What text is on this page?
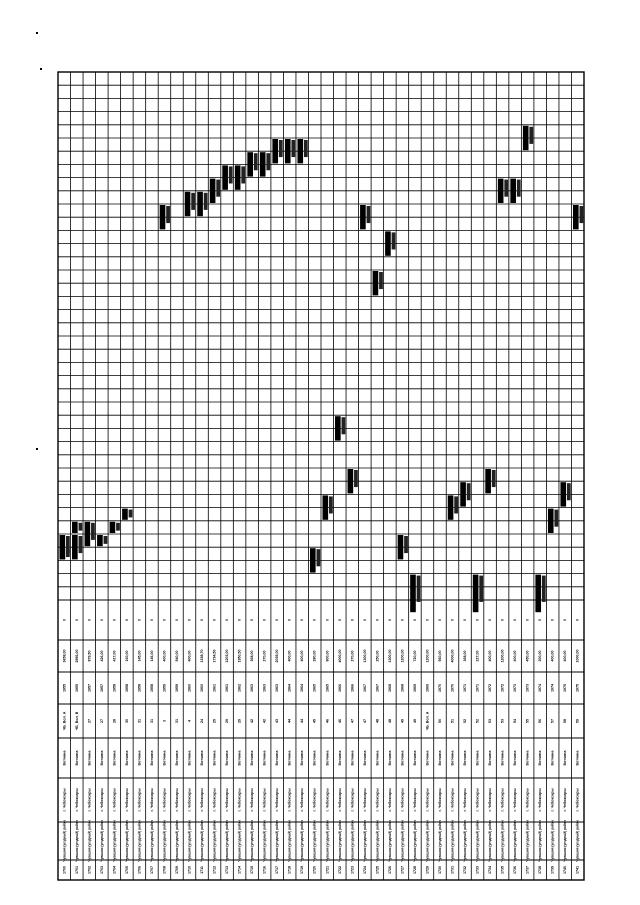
0
3658,00
1955
ЧБ_Вол_А
Вотчина
г. Чебоксары
Чувашия (уездный) район
1700
0
2956,00
1955
ЧБ_Вол_В
Вотчина
г. Чебоксары
Чувашия (уездный) район
1701
0
879,50
1957
27
Вотчина
г. Чебоксары
Чувашия (уездный) район
1702
0
426,00
1957
27
Вотчина
г. Чебоксары
Чувашия (уездный) район
1703
0
417,00
1958
28
Вотчина
г. Чебоксары
Чувашия (уездный) район
1704
0
160,00
1958
30
Вотчина
г. Чебоксары
Чувашия (уездный) район
1705
0
145,00
1958
31
Вотчина
г. Чебоксары
Чувашия (уездный) район
1706
0
146,00
1958
31
Вотчина
г. Чебоксары
Чувашия (уездный) район
1707
0
400,00
1959
3
Вотчина
г. Чебоксары
Чувашия (уездный) район
1708
0
540,00
1959
31
Вотчина
г. Чебоксары
Чувашия (уездный) район
1709
0
400,00
1960
4
Вотчина
г. Чебоксары
Чувашия (уездный) район
1710
0
1338,70
1960
24
Вотчина
г. Чебоксары
Чувашия (уездный) район
1711
0
1734,50
1961
25
Вотчина
г. Чебоксары
Чувашия (уездный) район
1712
0
1203,00
1961
29
Вотчина
г. Чебоксары
Чувашия (уездный) район
1713
0
1950,50
1962
29
Вотчина
г. Чебоксары
Чувашия (уездный) район
1714
0
368,00
1963
42
Вотчина
г. Чебоксары
Чувашия (уездный) район
1715
0
270,00
1963
42
Вотчина
г. Чебоксары
Чувашия (уездный) район
1716
0
2035,00
1963
43
Вотчина
г. Чебоксары
Чувашия (уездный) район
1717
0
400,00
1964
44
Вотчина
г. Чебоксары
Чувашия (уездный) район
1718
0
400,00
1964
44
Вотчина
г. Чебоксары
Чувашия (уездный) район
1719
0
280,00
1965
45
Вотчина
г. Чебоксары
Чувашия (уездный) район
1720
0
800,00
1965
46
Вотчина
г. Чебоксары
Чувашия (уездный) район
1721
0
4000,00
1966
46
Вотчина
г. Чебоксары
Чувашия (уездный) район
1722
0
270,00
1966
47
Вотчина
г. Чебоксары
Чувашия (уездный) район
1723
0
1300,00
1967
47
Вотчина
г. Чебоксары
Чувашия (уездный) район
1724
0
250,00
1967
48
Вотчина
г. Чебоксары
Чувашия (уездный) район
1725
0
1300,00
1968
48
Вотчина
г. Чебоксары
Чувашия (уездный) район
1726
0
1200,00
1968
49
Вотчина
г. Чебоксары
Чувашия (уездный) район
1727
0
720,00
1969
49
Вотчина
г. Чебоксары
Чувашия (уездный) район
1728
0
1200,00
1969
ЧБ_Вол_А
Вотчина
г. Чебоксары
Чувашия (уездный) район
1729
0
560,00
1970
50
Вотчина
г. Чебоксары
Чувашия (уездный) район
1730
0
4000,00
1970
51
Вотчина
г. Чебоксары
Чувашия (уездный) район
1731
0
368,00
1971
52
Вотчина
г. Чебоксары
Чувашия (уездный) район
1732
0
227,00
1971
52
Вотчина
г. Чебоксары
Чувашия (уездный) район
1733
0
400,00
1972
53
Вотчина
г. Чебоксары
Чувашия (уездный) район
1734
0
1200,00
1972
53
Вотчина
г. Чебоксары
Чувашия (уездный) район
1735
0
400,00
1973
54
Вотчина
г. Чебоксары
Чувашия (уездный) район
1736
0
450,00
1973
55
Вотчина
г. Чебоксары
Чувашия (уездный) район
1737
0
300,00
1974
56
Вотчина
г. Чебоксары
Чувашия (уездный) район
1738
0
400,00
1974
57
Вотчина
г. Чебоксары
Чувашия (уездный) район
1739
0
400,00
1975
58
Вотчина
г. Чебоксары
Чувашия (уездный) район
1740
0
1000,00
1975
59
Вотчина
г. Чебоксары
Чувашия (уездный) район
1741
